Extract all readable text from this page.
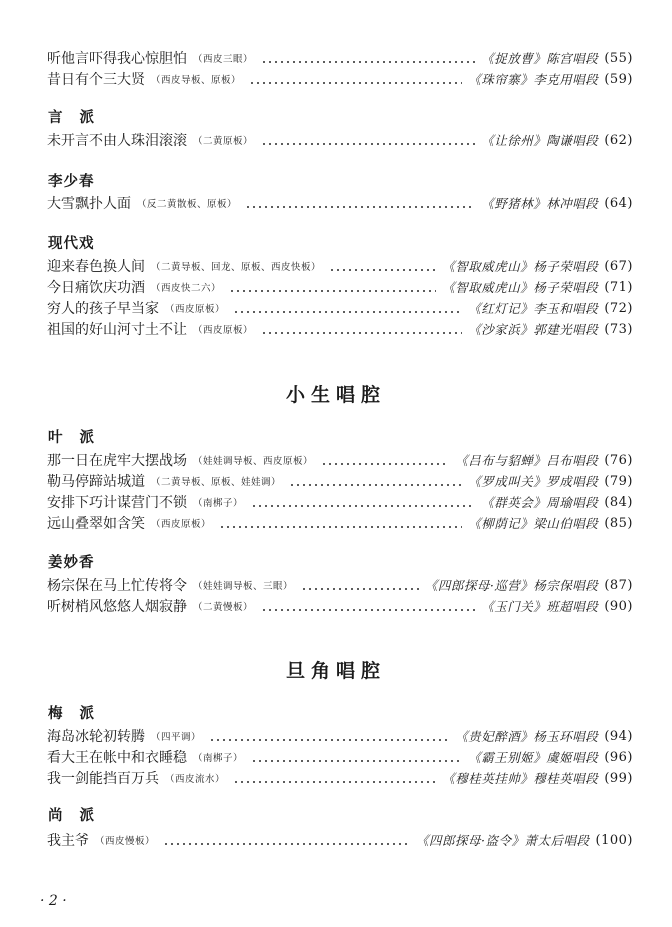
听他言吓得我心惊胆怕 （西皮三眼）	《捉放曹》陈宫唱段 (55)
昔日有个三大贤 （西皮导板、原板）	《珠帘寨》李克用唱段 (59)
言 派
未开言不由人珠泪滚滚 （二黄原板）	《让徐州》陶谦唱段 (62)
李少春
大雪飘扑人面 （反二黄散板、原板）	《野猪林》林冲唱段 (64)
现代戏
迎来春色换人间 （二黄导板、回龙、原板、西皮快板）	《智取威虎山》杨子荣唱段 (67)
今日痛饮庆功酒 （西皮快二六）	《智取威虎山》杨子荣唱段 (71)
穷人的孩子早当家 （西皮原板）	《红灯记》李玉和唱段 (72)
祖国的好山河寸土不让 （西皮原板）	《沙家浜》郭建光唱段 (73)
小生唱腔
叶 派
那一日在虎牢大摆战场 （娃娃调导板、西皮原板）	《吕布与貂蝉》吕布唱段 (76)
勒马停蹄站城道 （二黄导板、原板、娃娃调）	《罗成叫关》罗成唱段 (79)
安排下巧计谋营门不锁 （南梆子）	《群英会》周瑜唱段 (84)
远山叠翠如含笑 （西皮原板）	《柳荫记》梁山伯唱段 (85)
姜妙香
杨宗保在马上忙传将令 （娃娃调导板、三眼）	《四郎探母·巡营》杨宗保唱段 (87)
听树梢风悠悠人烟寂静 （二黄慢板）	《玉门关》班超唱段 (90)
旦角唱腔
梅 派
海岛冰轮初转腾 （四平调）	《贵妃醉酒》杨玉环唱段 (94)
看大王在帐中和衣睡稳 （南梆子）	《霸王别姬》虞姬唱段 (96)
我一剑能挡百万兵 （西皮流水）	《穆桂英挂帅》穆桂英唱段 (99)
尚 派
我主爷 （西皮慢板）	《四郎探母·盗令》萧太后唱段 (100)
· 2 ·
